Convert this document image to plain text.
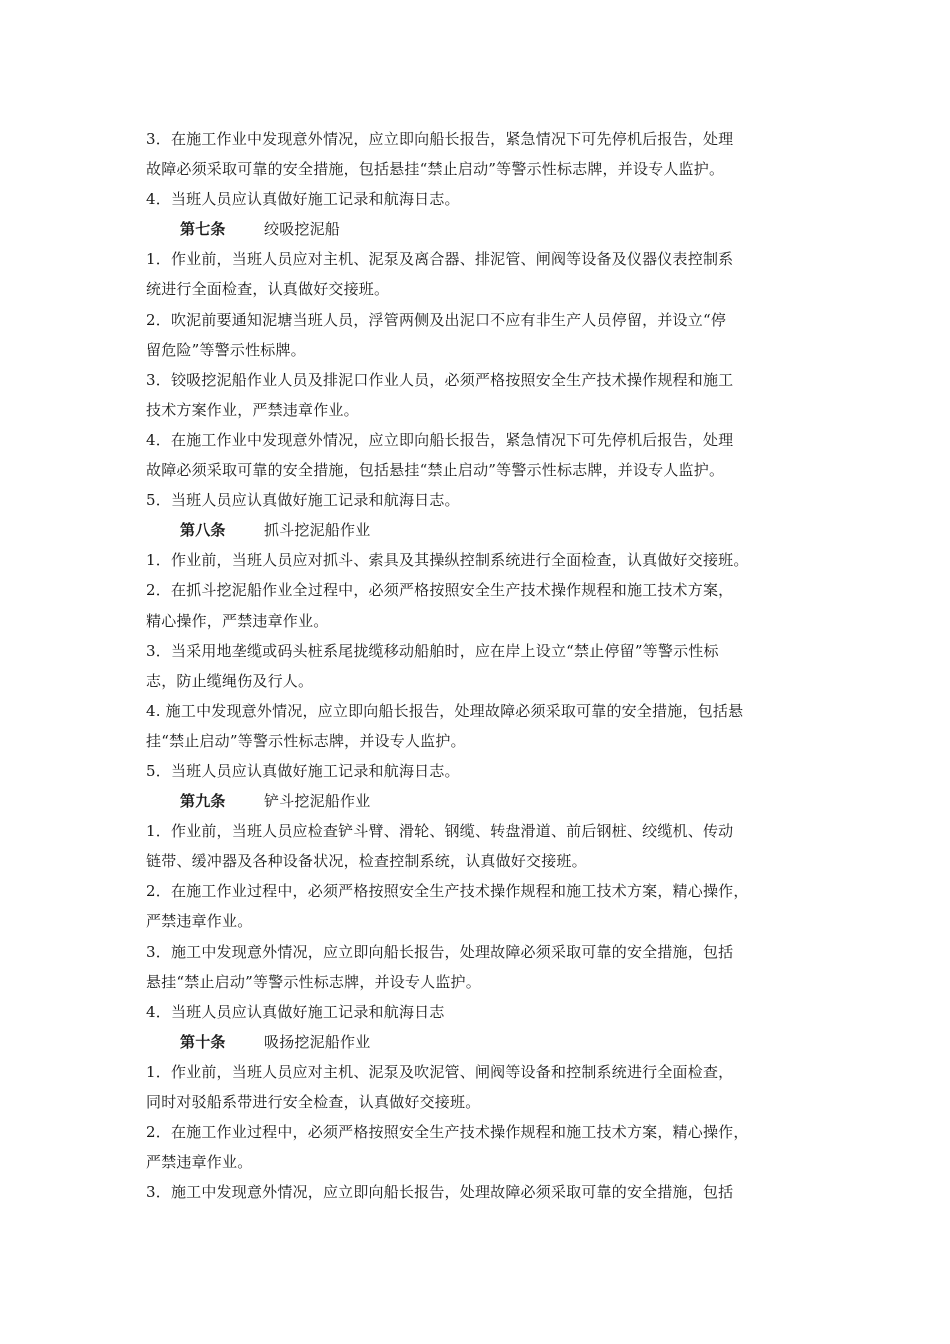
3．在施工作业中发现意外情况，应立即向船长报告，紧急情况下可先停机后报告，处理
故障必须采取可靠的安全措施，包括悬挂“禁止启动”等警示性标志牌，并设专人监护。
4．当班人员应认真做好施工记录和航海日志。
第七条	绞吸挖泥船
1．作业前，当班人员应对主机、泥泵及离合器、排泥管、闸阀等设备及仪器仪表控制系
统进行全面检查，认真做好交接班。
2．吹泥前要通知泥塘当班人员，浮管两侧及出泥口不应有非生产人员停留，并设立“停
留危险”等警示性标牌。
3．铰吸挖泥船作业人员及排泥口作业人员，必须严格按照安全生产技术操作规程和施工
技术方案作业，严禁违章作业。
4．在施工作业中发现意外情况，应立即向船长报告，紧急情况下可先停机后报告，处理
故障必须采取可靠的安全措施，包括悬挂“禁止启动”等警示性标志牌，并设专人监护。
5．当班人员应认真做好施工记录和航海日志。
第八条	抓斗挖泥船作业
1．作业前，当班人员应对抓斗、索具及其操纵控制系统进行全面检查，认真做好交接班。
2．在抓斗挖泥船作业全过程中，必须严格按照安全生产技术操作规程和施工技术方案，
精心操作，严禁违章作业。
3．当采用地垄缆或码头桩系尾拢缆移动船舶时，应在岸上设立“禁止停留”等警示性标
志，防止缆绳伤及行人。
4. 施工中发现意外情况，应立即向船长报告，处理故障必须采取可靠的安全措施，包括悬
挂“禁止启动”等警示性标志牌，并设专人监护。
5．当班人员应认真做好施工记录和航海日志。
第九条	铲斗挖泥船作业
1．作业前，当班人员应检查铲斗臂、滑轮、钢缆、转盘滑道、前后钢桩、绞缆机、传动
链带、缓冲器及各种设备状况，检查控制系统，认真做好交接班。
2．在施工作业过程中，必须严格按照安全生产技术操作规程和施工技术方案，精心操作，
严禁违章作业。
3．施工中发现意外情况，应立即向船长报告，处理故障必须采取可靠的安全措施，包括
悬挂“禁止启动”等警示性标志牌，并设专人监护。
4．当班人员应认真做好施工记录和航海日志
第十条	吸扬挖泥船作业
1．作业前，当班人员应对主机、泥泵及吹泥管、闸阀等设备和控制系统进行全面检查，
同时对驳船系带进行安全检查，认真做好交接班。
2．在施工作业过程中，必须严格按照安全生产技术操作规程和施工技术方案，精心操作，
严禁违章作业。
3．施工中发现意外情况，应立即向船长报告，处理故障必须采取可靠的安全措施，包括
